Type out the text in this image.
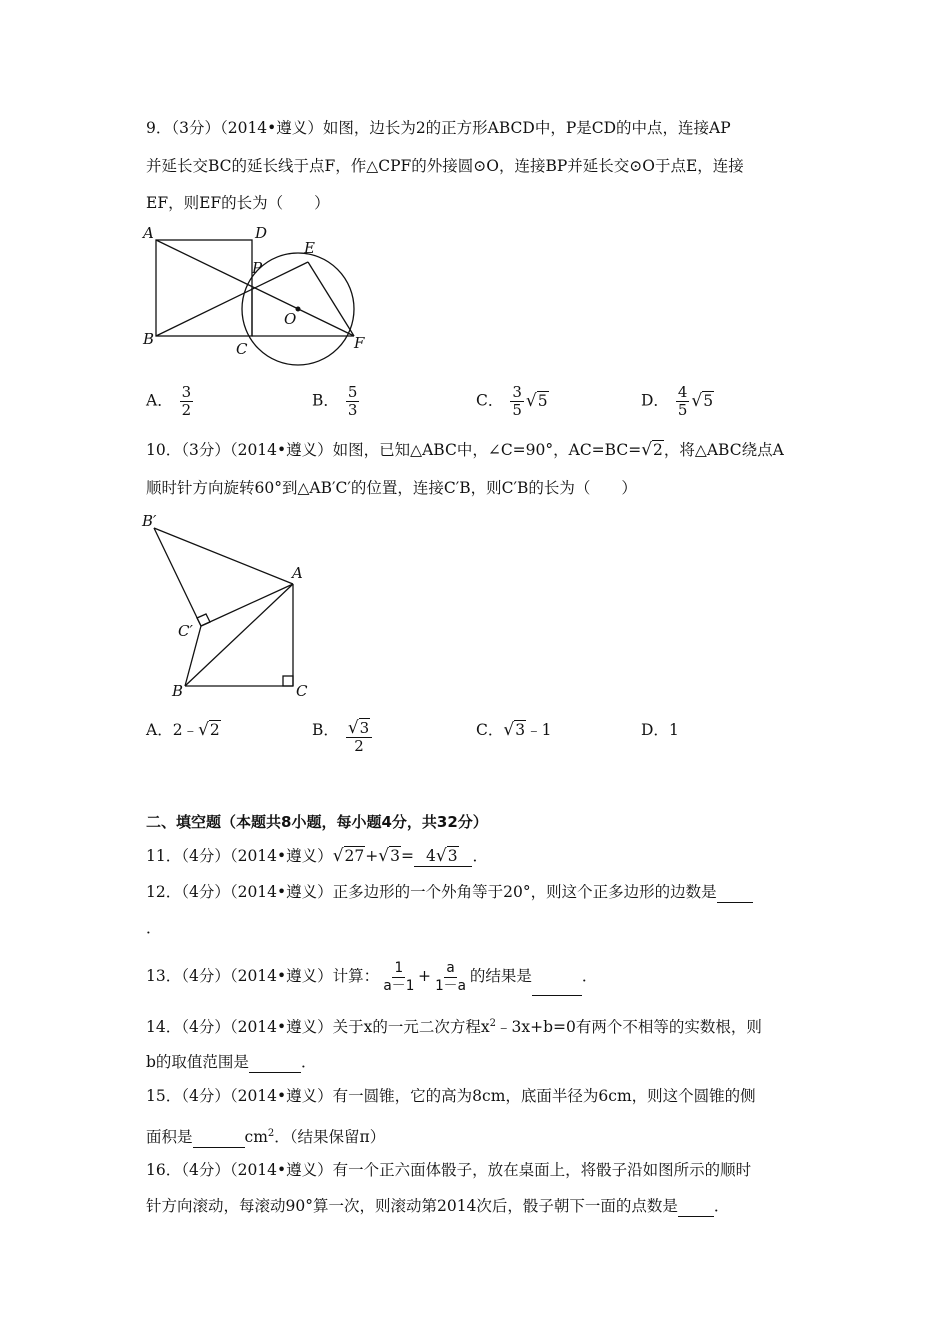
9．（3分）（2014•遵义）如图，边长为2的正方形ABCD中，P是CD的中点，连接AP
并延长交BC的延长线于点F，作△CPF的外接圆⊙O，连接BP并延长交⊙O于点E，连接
EF，则EF的长为（　　）
A	D
P
E
O
B
C	F
A． $\frac{3}{2}$	B． $\frac{5}{3}$	C． $\frac{3}{5} √5$	D． $\frac{4}{5} √5$
10．（3分）（2014•遵义）如图，已知△ABC中，∠C=90°，AC=BC=√2，将△ABC绕点A
顺时针方向旋转60°到△AB′C′的位置，连接C′B，则C′B的长为（　　）
B′
A
C′
B	C
A．2﹣√2	B． $\frac{√3}{2}$	C．√3﹣1	D．1
二、填空题（本题共8小题，每小题4分，共32分）
11．（4分）（2014•遵义）√27+√3= 4√3 ．
12．（4分）（2014•遵义）正多边形的一个外角等于20°，则这个正多边形的边数是
．
13．（4分）（2014•遵义）计算： $\frac{1}{a-1} + \frac{a}{1-a}$ 的结果是	．
14．（4分）（2014•遵义）关于x的一元二次方程$x^2﹣3x+b=0$有两个不相等的实数根，则
b的取值范围是	．
15．（4分）（2014•遵义）有一圆锥，它的高为8cm，底面半径为6cm，则这个圆锥的侧
面积是	$cm^2$．（结果保留π）
16．（4分）（2014•遵义）有一个正六面体骰子，放在桌面上，将骰子沿如图所示的顺时
针方向滚动，每滚动90°算一次，则滚动第2014次后，骰子朝下一面的点数是 ．
